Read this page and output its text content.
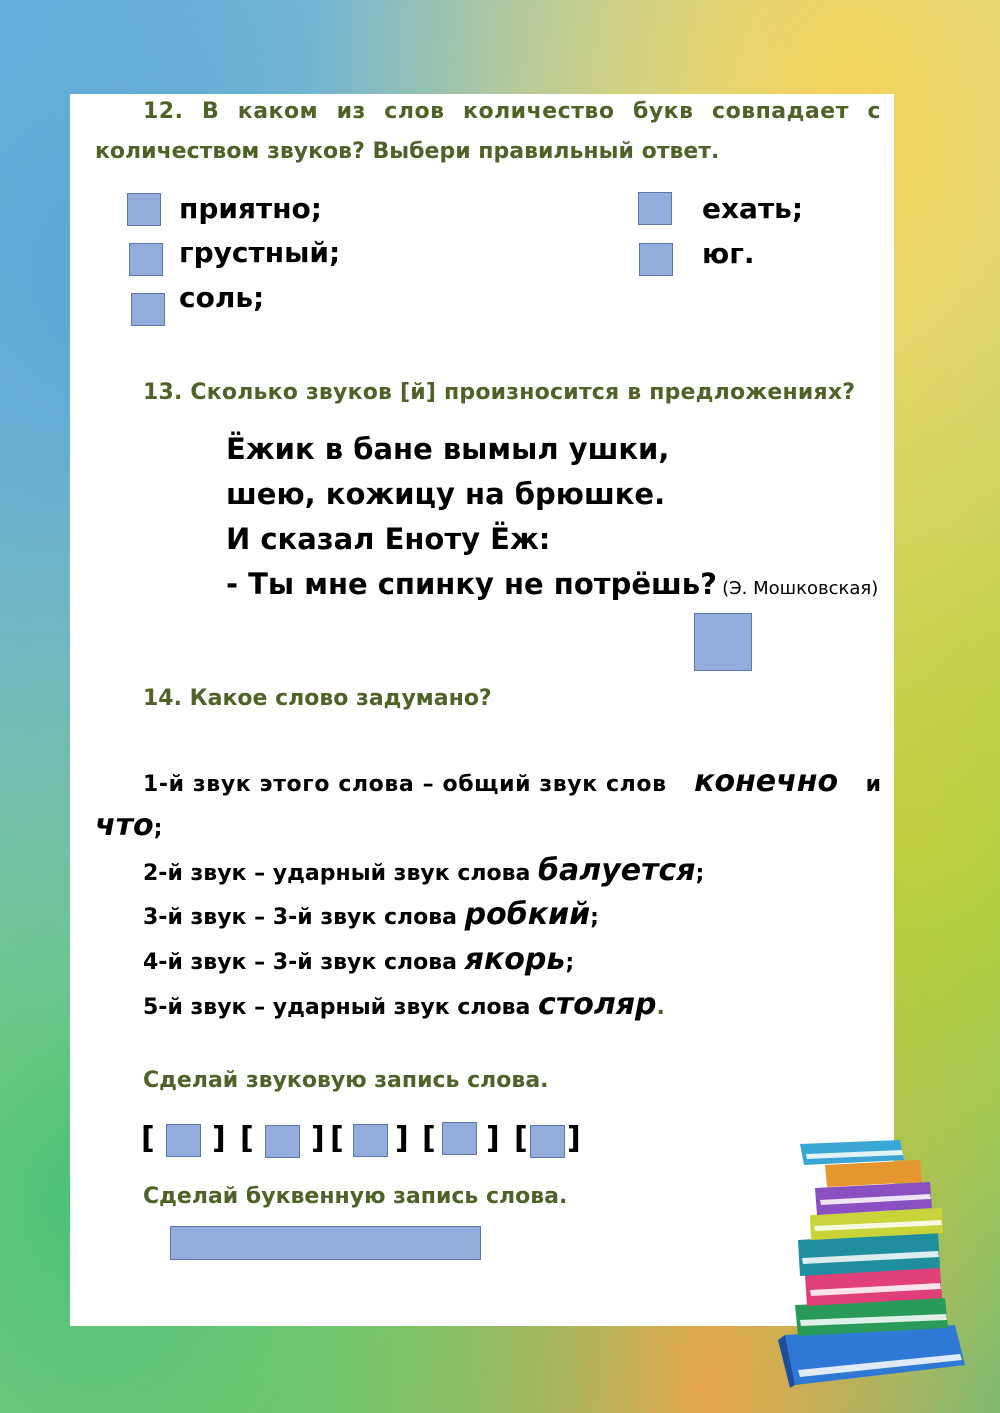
12. В каком из слов количество букв совпадает с
количеством звуков? Выбери правильный ответ.
приятно;
грустный;
соль;
ехать;
юг.
13. Сколько звуков [й] произносится в предложениях?
Ёжик в бане вымыл ушки,
шею, кожицу на брюшке.
И сказал Еноту Ёж:
- Ты мне спинку не потрёшь? (Э. Мошковская)
14. Какое слово задумано?
1-й звук этого слова – общий звук слов конечно и
что;
2-й звук – ударный звук слова балуется;
3-й звук – 3-й звук слова робкий;
4-й звук – 3-й звук слова якорь;
5-й звук – ударный звук слова столяр.
Сделай звуковую запись слова.
[ ] [ ] [ ] [ ] [ ]
Сделай буквенную запись слова.
